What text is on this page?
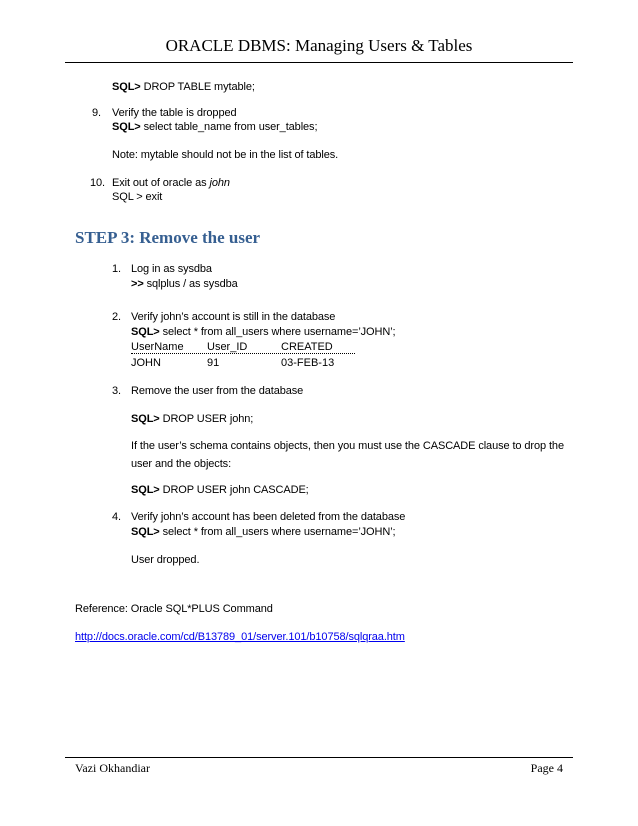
ORACLE DBMS: Managing Users & Tables
SQL> DROP TABLE mytable;
9. Verify the table is dropped
SQL> select table_name from user_tables;
Note: mytable should not be in the list of tables.
10. Exit out of oracle as john
SQL > exit
STEP 3: Remove the user
1. Log in as sysdba
>> sqlplus / as sysdba
2. Verify john’s account is still in the database
SQL> select * from all_users where username=’JOHN’;
UserName User_ID	CREATED
JOHN	91	03-FEB-13
3. Remove the user from the database
SQL> DROP USER john;
If the user’s schema contains objects, then you must use the CASCADE clause to drop the
user and the objects:
SQL> DROP USER john CASCADE;
4. Verify john’s account has been deleted from the database
SQL> select * from all_users where username=’JOHN’;
User dropped.
Reference: Oracle SQL*PLUS Command
http://docs.oracle.com/cd/B13789_01/server.101/b10758/sqlqraa.htm
Vazi Okhandiar	Page 4
